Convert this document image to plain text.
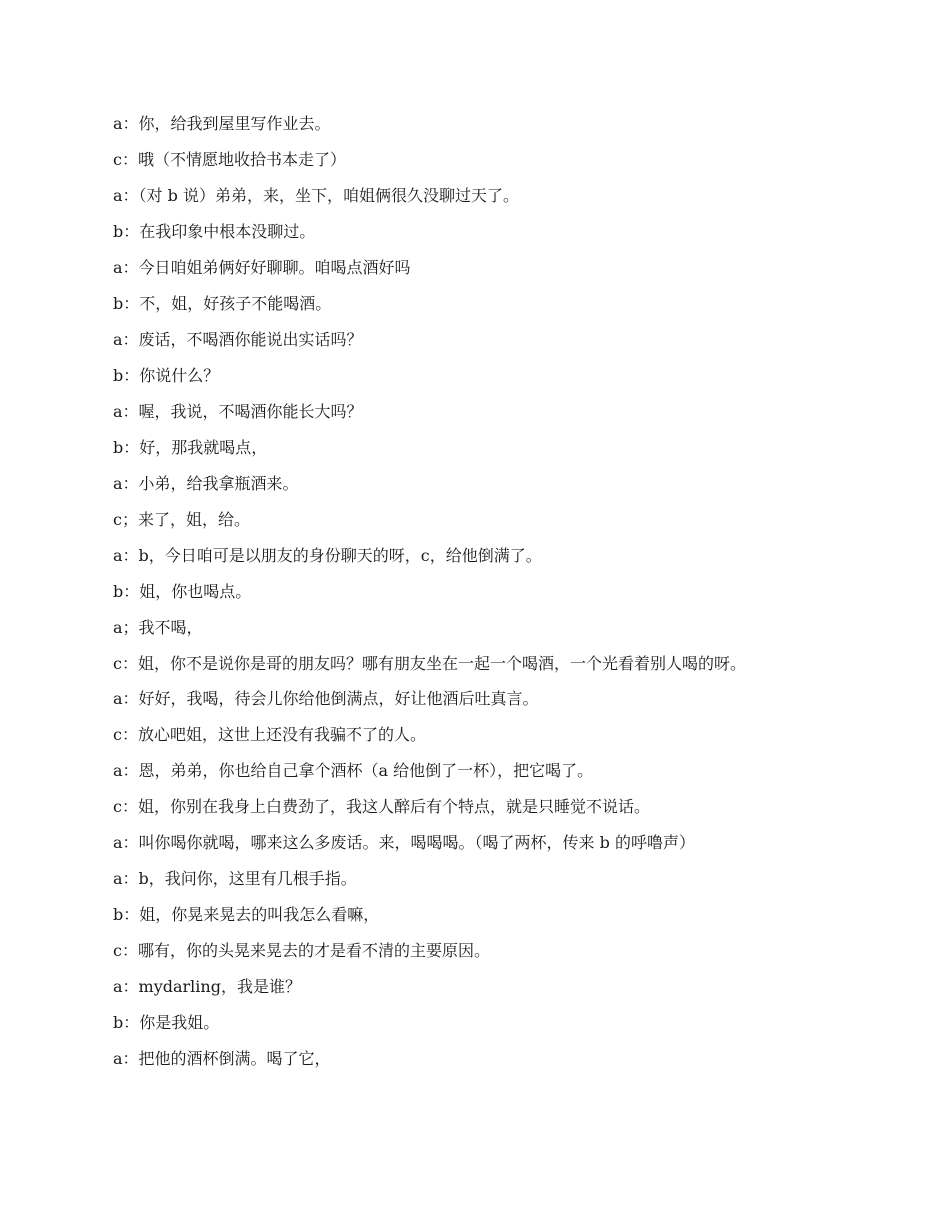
a：你，给我到屋里写作业去。

c：哦（不情愿地收拾书本走了）

a：（对 b 说）弟弟，来，坐下，咱姐俩很久没聊过天了。

b：在我印象中根本没聊过。

a：今日咱姐弟俩好好聊聊。咱喝点酒好吗

b：不，姐，好孩子不能喝酒。

a：废话，不喝酒你能说出实话吗？

b：你说什么？

a：喔，我说，不喝酒你能长大吗？

b：好，那我就喝点，

a：小弟，给我拿瓶酒来。

c；来了，姐，给。

a：b，今日咱可是以朋友的身份聊天的呀，c，给他倒满了。

b：姐，你也喝点。

a；我不喝，

c：姐，你不是说你是哥的朋友吗？哪有朋友坐在一起一个喝酒，一个光看着别人喝的呀。

a：好好，我喝，待会儿你给他倒满点，好让他酒后吐真言。

c：放心吧姐，这世上还没有我骗不了的人。

a：恩，弟弟，你也给自己拿个酒杯（a 给他倒了一杯），把它喝了。

c：姐，你别在我身上白费劲了，我这人醉后有个特点，就是只睡觉不说话。

a：叫你喝你就喝，哪来这么多废话。来，喝喝喝。（喝了两杯，传来 b 的呼噜声）

a：b，我问你，这里有几根手指。

b：姐，你晃来晃去的叫我怎么看嘛，

c：哪有，你的头晃来晃去的才是看不清的主要原因。

a：mydarling，我是谁？

b：你是我姐。

a：把他的酒杯倒满。喝了它，
